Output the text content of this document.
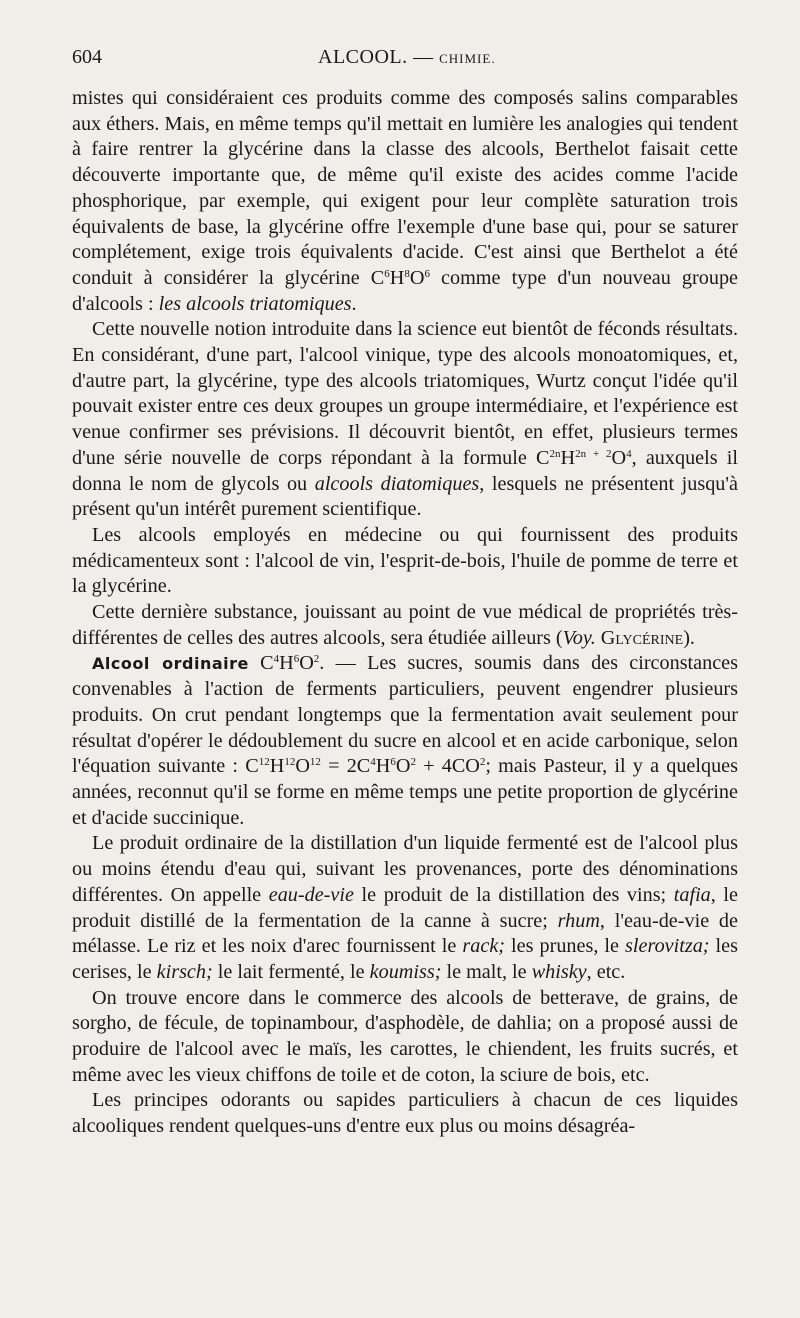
604	ALCOOL. — CHIMIE.

mistes qui considéraient ces produits comme des composés salins comparables aux éthers. Mais, en même temps qu'il mettait en lumière les analogies qui tendent à faire rentrer la glycérine dans la classe des alcools, Berthelot faisait cette découverte importante que, de même qu'il existe des acides comme l'acide phosphorique, par exemple, qui exigent pour leur complète saturation trois équivalents de base, la glycérine offre l'exemple d'une base qui, pour se saturer complétement, exige trois équivalents d'acide. C'est ainsi que Berthelot a été conduit à considérer la glycérine $C^6H^8O^6$ comme type d'un nouveau groupe d'alcools : les alcools triatomiques.

Cette nouvelle notion introduite dans la science eut bientôt de féconds résultats. En considérant, d'une part, l'alcool vinique, type des alcools monoatomiques, et, d'autre part, la glycérine, type des alcools triatomiques, Wurtz conçut l'idée qu'il pouvait exister entre ces deux groupes un groupe intermédiaire, et l'expérience est venue confirmer ses prévisions. Il découvrit bientôt, en effet, plusieurs termes d'une série nouvelle de corps répondant à la formule $C^{2n}H^{2n + 2}O^4$, auxquels il donna le nom de glycols ou alcools diatomiques, lesquels ne présentent jusqu'à présent qu'un intérêt purement scientifique.

Les alcools employés en médecine ou qui fournissent des produits médicamenteux sont : l'alcool de vin, l'esprit-de-bois, l'huile de pomme de terre et la glycérine.

Cette dernière substance, jouissant au point de vue médical de propriétés très-différentes de celles des autres alcools, sera étudiée ailleurs (Voy. Glycérine).

Alcool ordinaire $C^4H^6O^2$. — Les sucres, soumis dans des circonstances convenables à l'action de ferments particuliers, peuvent engendrer plusieurs produits. On crut pendant longtemps que la fermentation avait seulement pour résultat d'opérer le dédoublement du sucre en alcool et en acide carbonique, selon l'équation suivante : $C^{12}H^{12}O^{12} = 2C^4H^6O^2 + 4CO^2$; mais Pasteur, il y a quelques années, reconnut qu'il se forme en même temps une petite proportion de glycérine et d'acide succinique.

Le produit ordinaire de la distillation d'un liquide fermenté est de l'alcool plus ou moins étendu d'eau qui, suivant les provenances, porte des dénominations différentes. On appelle eau-de-vie le produit de la distillation des vins; tafia, le produit distillé de la fermentation de la canne à sucre; rhum, l'eau-de-vie de mélasse. Le riz et les noix d'arec fournissent le rack; les prunes, le slerovitza; les cerises, le kirsch; le lait fermenté, le koumiss; le malt, le whisky, etc.

On trouve encore dans le commerce des alcools de betterave, de grains, de sorgho, de fécule, de topinambour, d'asphodèle, de dahlia; on a proposé aussi de produire de l'alcool avec le maïs, les carottes, le chiendent, les fruits sucrés, et même avec les vieux chiffons de toile et de coton, la sciure de bois, etc.

Les principes odorants ou sapides particuliers à chacun de ces liquides alcooliques rendent quelques-uns d'entre eux plus ou moins désagréa-
